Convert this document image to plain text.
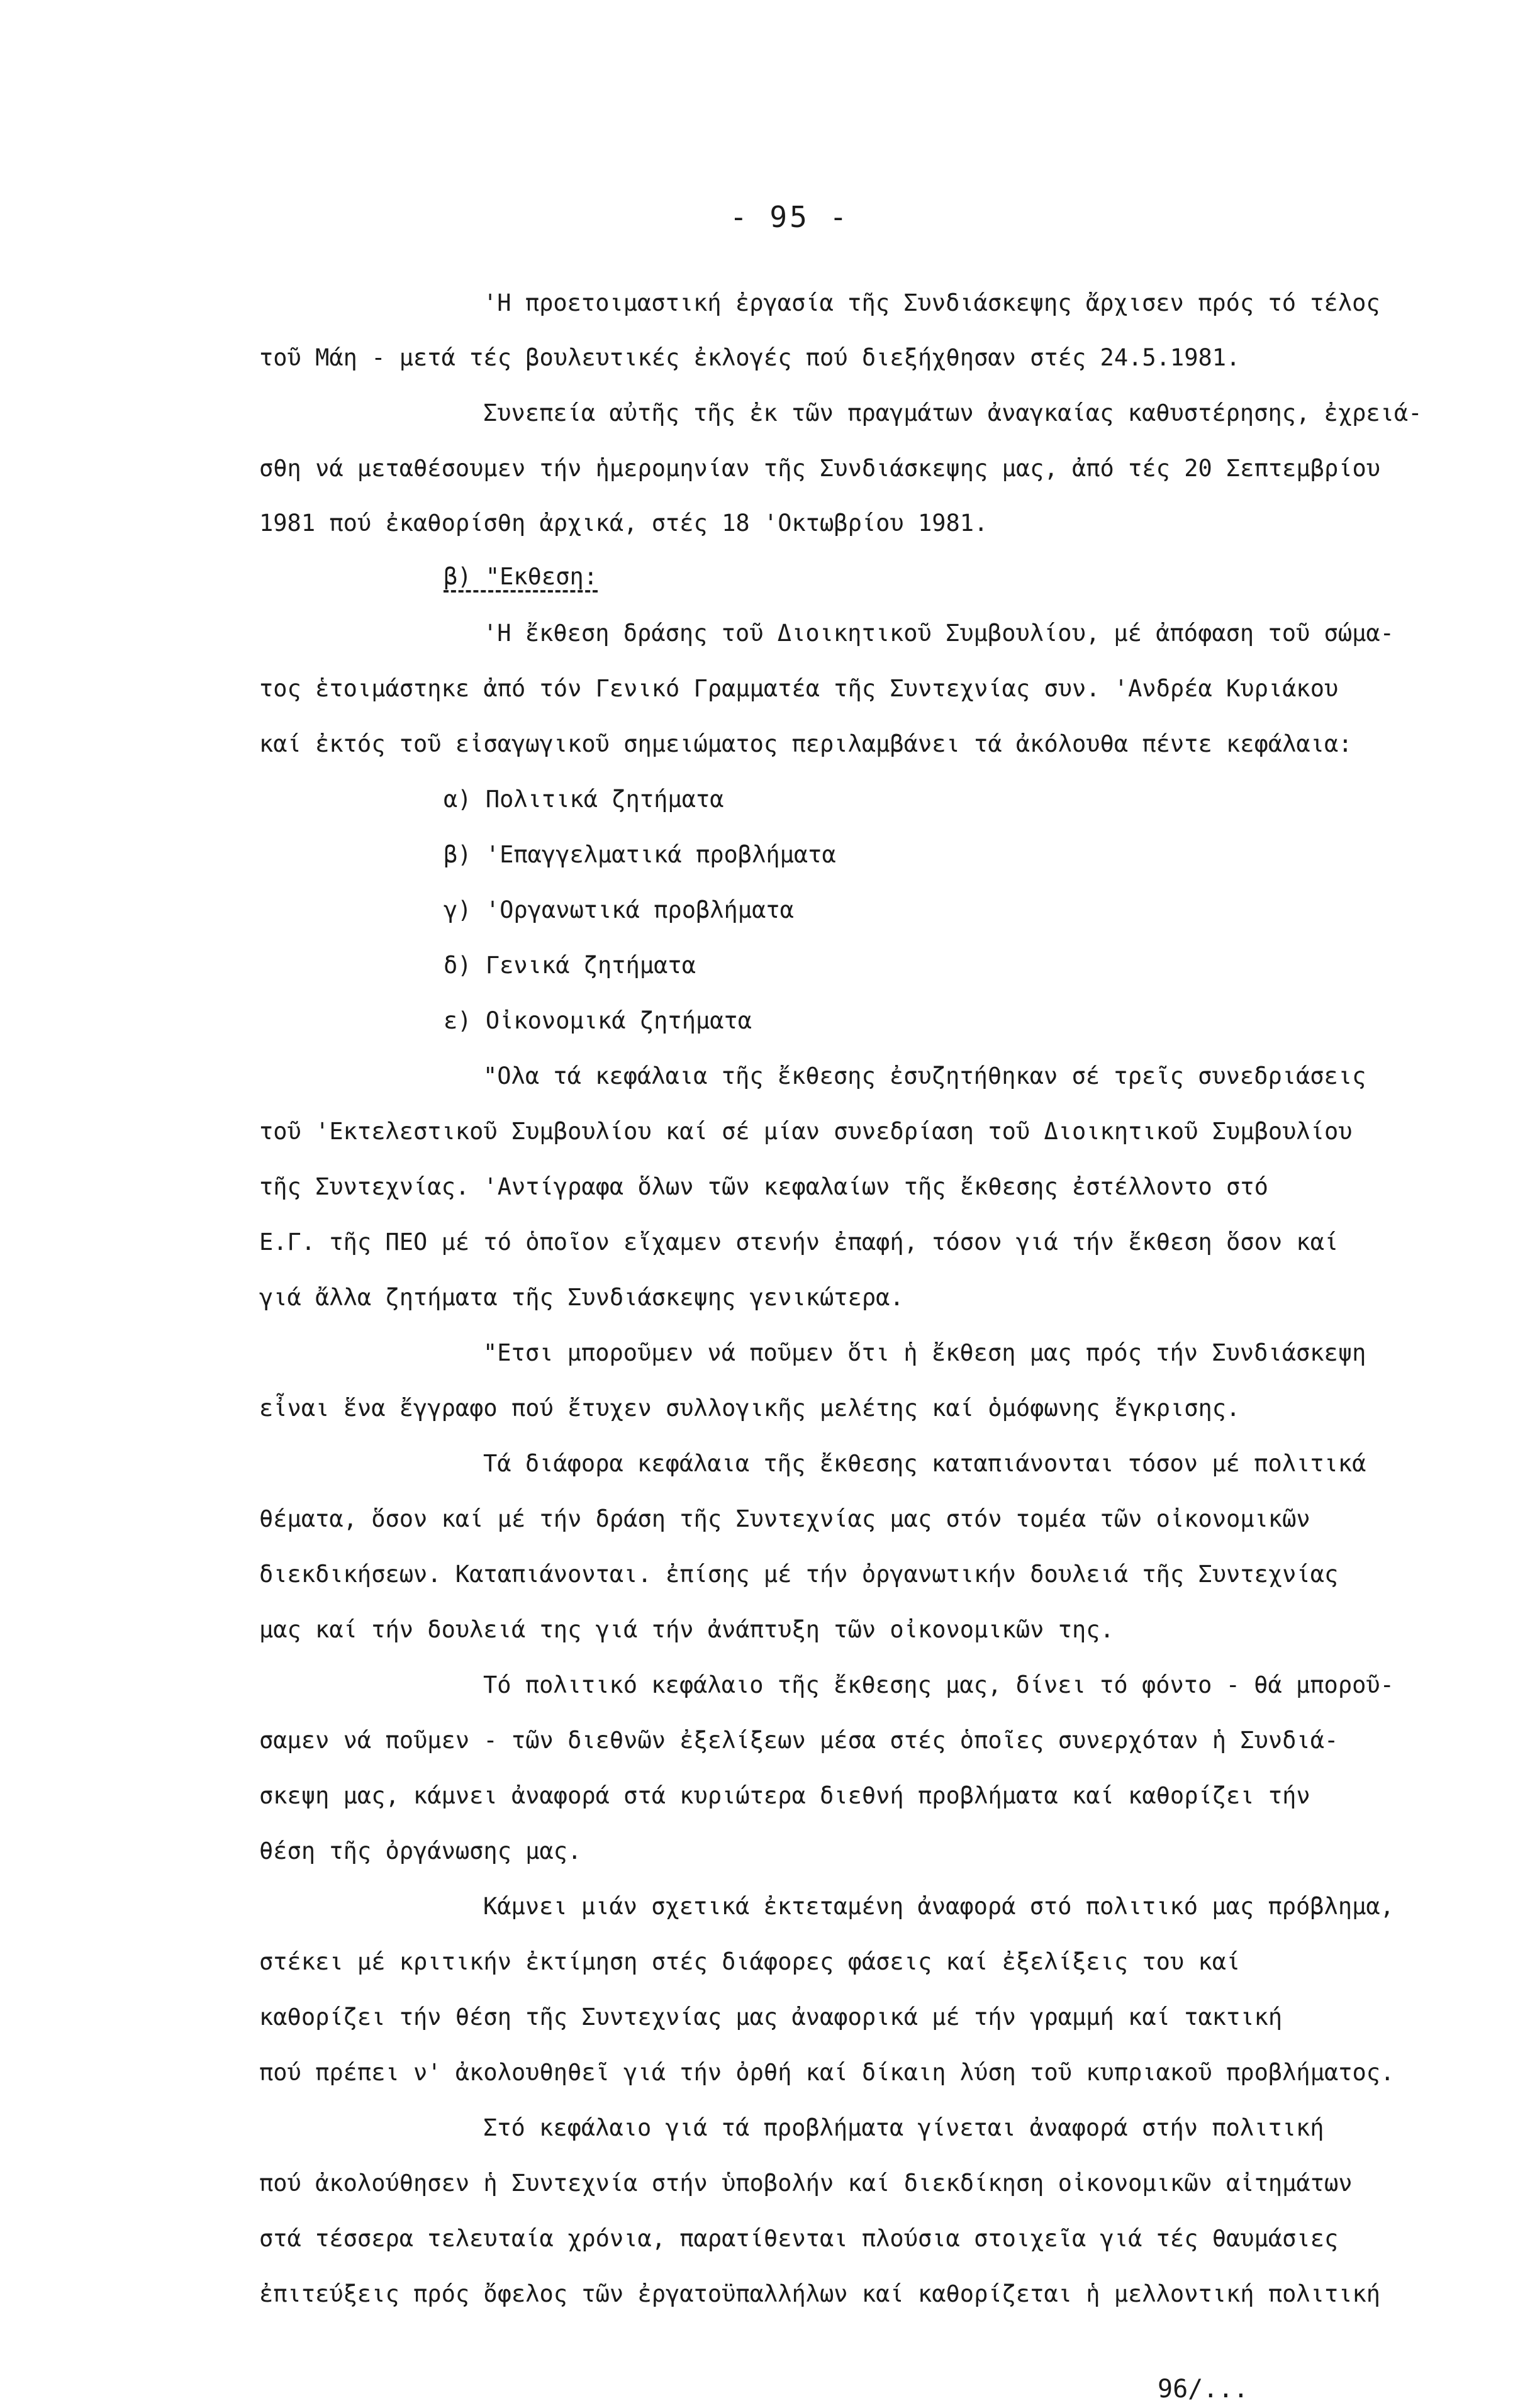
- 95 -
'Η προετοιμαστική ἐργασία τῆς Συνδιάσκεψης ἄρχισεν πρός τό τέλος
τοῦ Μάη - μετά τές βουλευτικές ἐκλογές πού διεξήχθησαν στές 24.5.1981.
Συνεπεία αὐτῆς τῆς ἐκ τῶν πραγμάτων ἀναγκαίας καθυστέρησης, ἐχρειά-
σθη νά μεταθέσουμεν τήν ἡμερομηνίαν τῆς Συνδιάσκεψης μας, ἀπό τές 20 Σεπτεμβρίου
1981 πού ἐκαθορίσθη ἀρχικά, στές 18 'Οκτωβρίου 1981.
β) "Εκθεση:
'Η ἔκθεση δράσης τοῦ Διοικητικοῦ Συμβουλίου, μέ ἀπόφαση τοῦ σώμα-
τος ἑτοιμάστηκε ἀπό τόν Γενικό Γραμματέα τῆς Συντεχνίας συν. 'Ανδρέα Κυριάκου
καί ἐκτός τοῦ εἰσαγωγικοῦ σημειώματος περιλαμβάνει τά ἀκόλουθα πέντε κεφάλαια:
α) Πολιτικά ζητήματα
β) 'Επαγγελματικά προβλήματα
γ) 'Οργανωτικά προβλήματα
δ) Γενικά ζητήματα
ε) Οἰκονομικά ζητήματα
"Ολα τά κεφάλαια τῆς ἔκθεσης ἐσυζητήθηκαν σέ τρεῖς συνεδριάσεις
τοῦ 'Εκτελεστικοῦ Συμβουλίου καί σέ μίαν συνεδρίαση τοῦ Διοικητικοῦ Συμβουλίου
τῆς Συντεχνίας. 'Αντίγραφα ὅλων τῶν κεφαλαίων τῆς ἔκθεσης ἐστέλλοντο στό
Ε.Γ. τῆς ΠΕΟ μέ τό ὁποῖον εἴχαμεν στενήν ἐπαφή, τόσον γιά τήν ἔκθεση ὅσον καί
γιά ἄλλα ζητήματα τῆς Συνδιάσκεψης γενικώτερα.
"Ετσι μποροῦμεν νά ποῦμεν ὅτι ἡ ἔκθεση μας πρός τήν Συνδιάσκεψη
εἶναι ἕνα ἔγγραφο πού ἔτυχεν συλλογικῆς μελέτης καί ὁμόφωνης ἔγκρισης.
Τά διάφορα κεφάλαια τῆς ἔκθεσης καταπιάνονται τόσον μέ πολιτικά
θέματα, ὅσον καί μέ τήν δράση τῆς Συντεχνίας μας στόν τομέα τῶν οἰκονομικῶν
διεκδικήσεων. Καταπιάνονται. ἐπίσης μέ τήν ὀργανωτικήν δουλειά τῆς Συντεχνίας
μας καί τήν δουλειά της γιά τήν ἀνάπτυξη τῶν οἰκονομικῶν της.
Τό πολιτικό κεφάλαιο τῆς ἔκθεσης μας, δίνει τό φόντο - θά μποροῦ-
σαμεν νά ποῦμεν - τῶν διεθνῶν ἐξελίξεων μέσα στές ὁποῖες συνερχόταν ἡ Συνδιά-
σκεψη μας, κάμνει ἀναφορά στά κυριώτερα διεθνή προβλήματα καί καθορίζει τήν
θέση τῆς ὀργάνωσης μας.
Κάμνει μιάν σχετικά ἐκτεταμένη ἀναφορά στό πολιτικό μας πρόβλημα,
στέκει μέ κριτικήν ἐκτίμηση στές διάφορες φάσεις καί ἐξελίξεις του καί
καθορίζει τήν θέση τῆς Συντεχνίας μας ἀναφορικά μέ τήν γραμμή καί τακτική
πού πρέπει ν' ἀκολουθηθεῖ γιά τήν ὀρθή καί δίκαιη λύση τοῦ κυπριακοῦ προβλήματος.
Στό κεφάλαιο γιά τά προβλήματα γίνεται ἀναφορά στήν πολιτική
πού ἀκολούθησεν ἡ Συντεχνία στήν ὑποβολήν καί διεκδίκηση οἰκονομικῶν αἰτημάτων
στά τέσσερα τελευταία χρόνια, παρατίθενται πλούσια στοιχεῖα γιά τές θαυμάσιες
ἐπιτεύξεις πρός ὄφελος τῶν ἐργατοϋπαλλήλων καί καθορίζεται ἡ μελλοντική πολιτική
96/...
